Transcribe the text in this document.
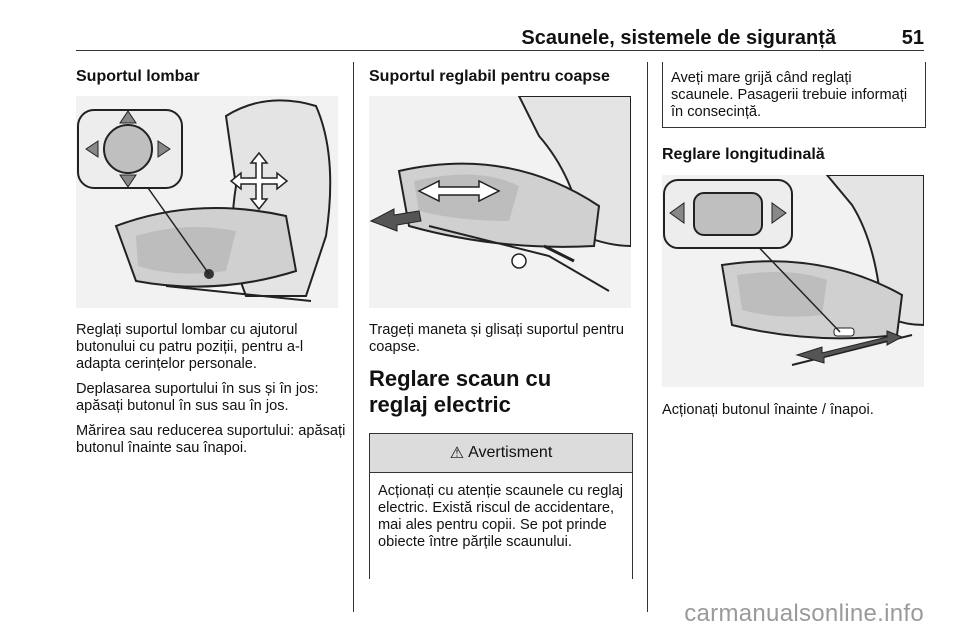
Scaunele, sistemele de siguranță	51
Suportul lombar

Reglați suportul lombar cu ajutorul butonului cu patru poziții, pentru a-l adapta cerințelor personale.

Deplasarea suportului în sus și în jos: apăsați butonul în sus sau în jos.

Mărirea sau reducerea suportului: apăsați butonul înainte sau înapoi.

Suportul reglabil pentru coapse

Trageți maneta și glisați suportul pentru coapse.

Reglare scaun cu reglaj electric
⚠ Avertisment
Acționați cu atenție scaunele cu reglaj electric. Există riscul de accidentare, mai ales pentru copii. Se pot prinde obiecte între părțile scaunului.
Aveți mare grijă când reglați scaunele. Pasagerii trebuie informați în consecință.
Reglare longitudinală

Acționați butonul înainte / înapoi.

carmanualsonline.info
